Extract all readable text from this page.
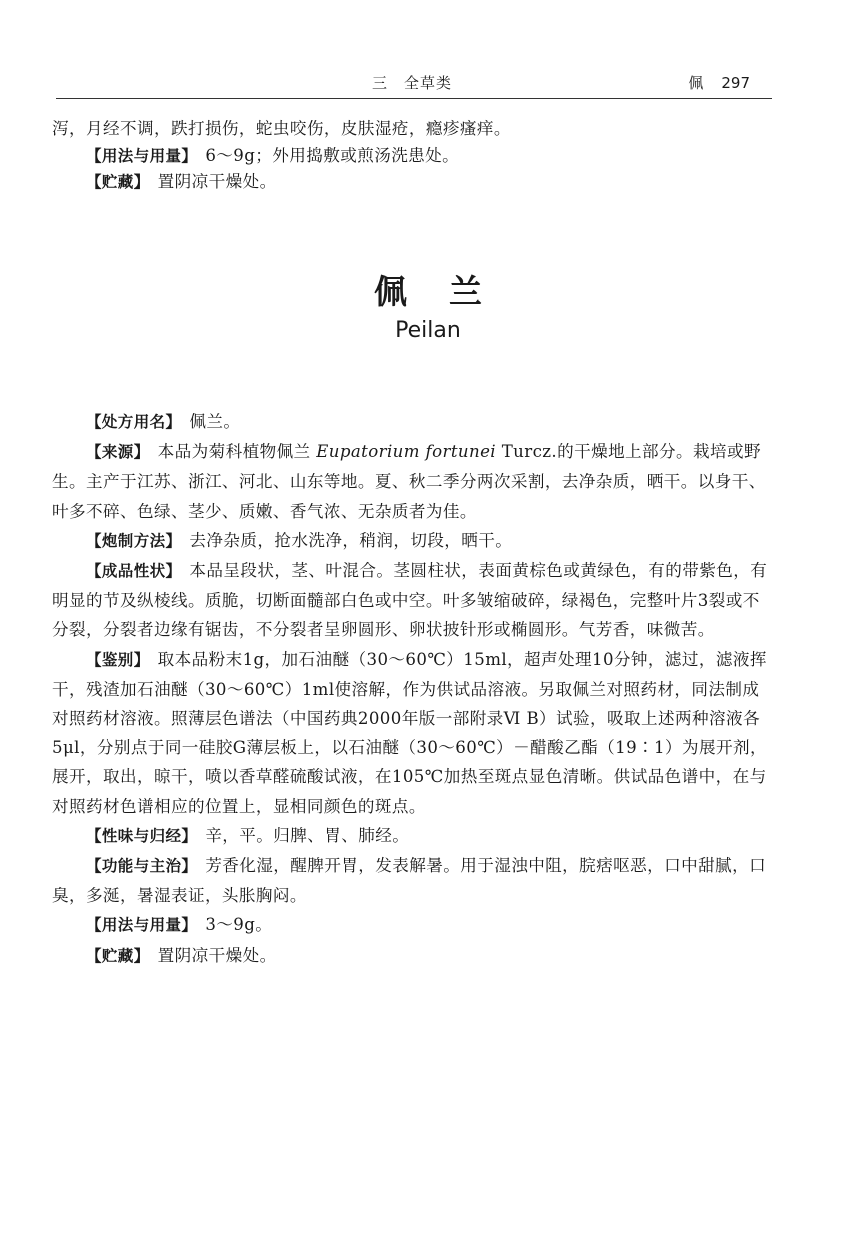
三　全草类	佩 297

泻，月经不调，跌打损伤，蛇虫咬伤，皮肤湿疮，瘾疹瘙痒。

【用法与用量】 6～9g；外用捣敷或煎汤洗患处。

【贮藏】 置阴凉干燥处。

佩兰
Peilan

【处方用名】 佩兰。

【来源】 本品为菊科植物佩兰 Eupatorium fortunei Turcz.的干燥地上部分。栽培或野生。主产于江苏、浙江、河北、山东等地。夏、秋二季分两次采割，去净杂质，晒干。以身干、叶多不碎、色绿、茎少、质嫩、香气浓、无杂质者为佳。

【炮制方法】 去净杂质，抢水洗净，稍润，切段，晒干。

【成品性状】 本品呈段状，茎、叶混合。茎圆柱状，表面黄棕色或黄绿色，有的带紫色，有明显的节及纵棱线。质脆，切断面髓部白色或中空。叶多皱缩破碎，绿褐色，完整叶片3裂或不分裂，分裂者边缘有锯齿，不分裂者呈卵圆形、卵状披针形或椭圆形。气芳香，味微苦。

【鉴别】 取本品粉末1g，加石油醚（30～60℃）15ml，超声处理10分钟，滤过，滤液挥干，残渣加石油醚（30～60℃）1ml使溶解，作为供试品溶液。另取佩兰对照药材，同法制成对照药材溶液。照薄层色谱法（中国药典2000年版一部附录Ⅵ B）试验，吸取上述两种溶液各5μl，分别点于同一硅胶G薄层板上，以石油醚（30～60℃）－醋酸乙酯（19∶1）为展开剂，展开，取出，晾干，喷以香草醛硫酸试液，在105℃加热至斑点显色清晰。供试品色谱中，在与对照药材色谱相应的位置上，显相同颜色的斑点。

【性味与归经】 辛，平。归脾、胃、肺经。

【功能与主治】 芳香化湿，醒脾开胃，发表解暑。用于湿浊中阻，脘痞呕恶，口中甜腻，口臭，多涎，暑湿表证，头胀胸闷。

【用法与用量】 3～9g。

【贮藏】 置阴凉干燥处。
